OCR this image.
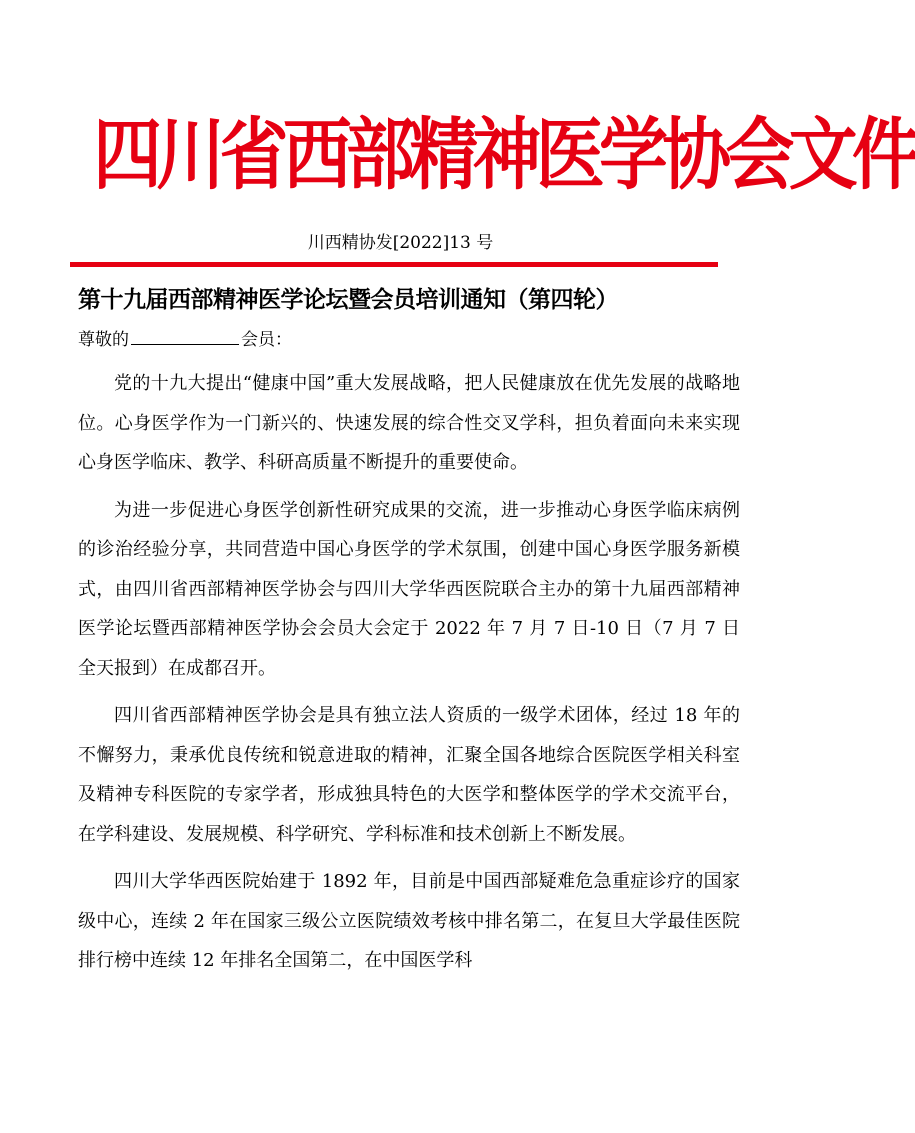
四川省西部精神医学协会文件
川西精协发[2022]13 号
第十九届西部精神医学论坛暨会员培训通知（第四轮）
尊敬的	会员：

党的十九大提出“健康中国”重大发展战略，把人民健康放在优先发展的战略地位。心身医学作为一门新兴的、快速发展的综合性交叉学科，担负着面向未来实现心身医学临床、教学、科研高质量不断提升的重要使命。

为进一步促进心身医学创新性研究成果的交流，进一步推动心身医学临床病例的诊治经验分享，共同营造中国心身医学的学术氛围，创建中国心身医学服务新模式，由四川省西部精神医学协会与四川大学华西医院联合主办的第十九届西部精神医学论坛暨西部精神医学协会会员大会定于 2022 年 7 月 7 日-10 日（7 月 7 日全天报到）在成都召开。

四川省西部精神医学协会是具有独立法人资质的一级学术团体，经过 18 年的不懈努力，秉承优良传统和锐意进取的精神，汇聚全国各地综合医院医学相关科室及精神专科医院的专家学者，形成独具特色的大医学和整体医学的学术交流平台，在学科建设、发展规模、科学研究、学科标准和技术创新上不断发展。

四川大学华西医院始建于 1892 年，目前是中国西部疑难危急重症诊疗的国家级中心，连续 2 年在国家三级公立医院绩效考核中排名第二，在复旦大学最佳医院排行榜中连续 12 年排名全国第二，在中国医学科
